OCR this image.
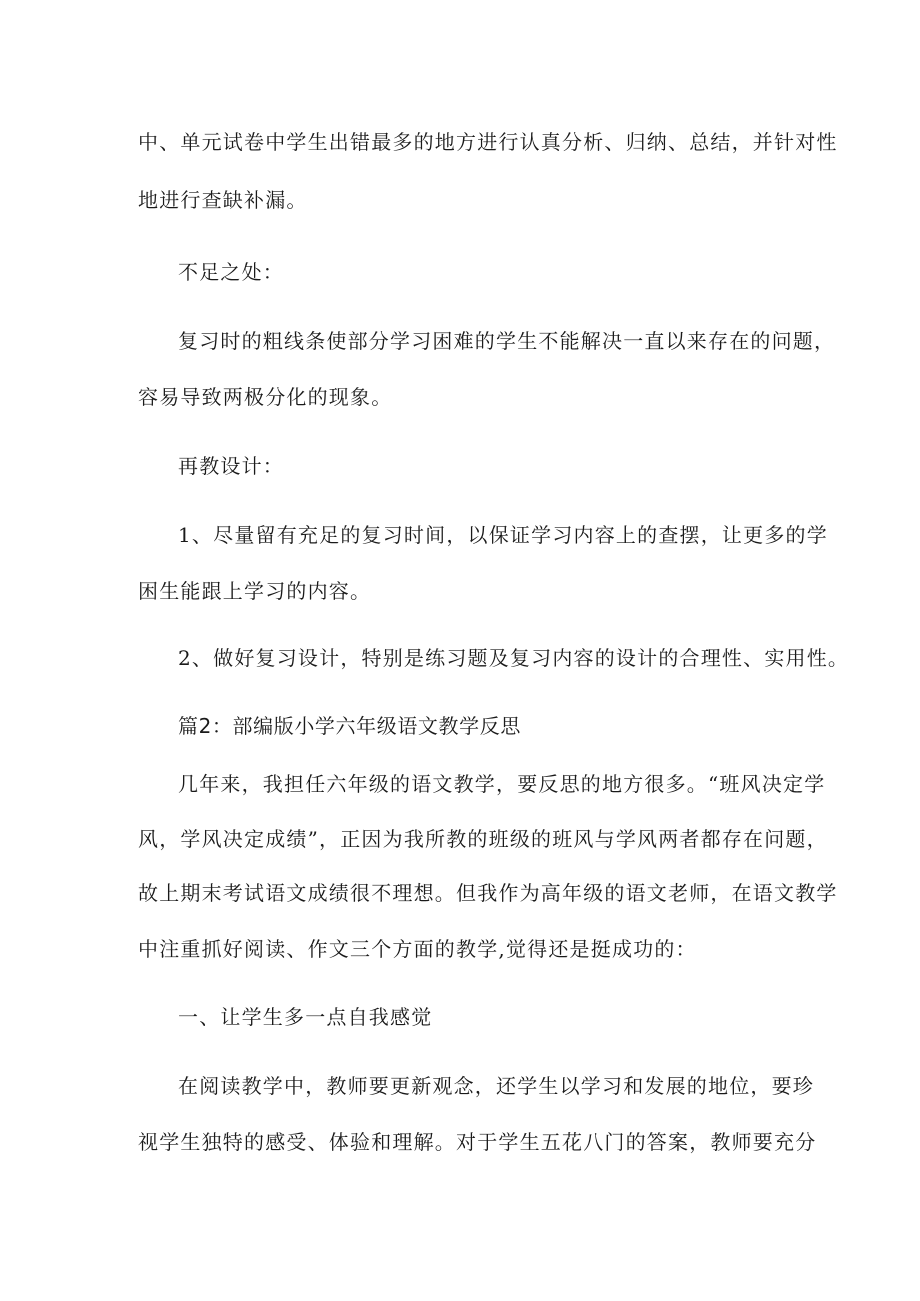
中、单元试卷中学生出错最多的地方进行认真分析、归纳、总结，并针对性
地进行查缺补漏。
不足之处：
复习时的粗线条使部分学习困难的学生不能解决一直以来存在的问题，
容易导致两极分化的现象。
再教设计：
1、尽量留有充足的复习时间，以保证学习内容上的查摆，让更多的学
困生能跟上学习的内容。
2、做好复习设计，特别是练习题及复习内容的设计的合理性、实用性。
篇2：部编版小学六年级语文教学反思
几年来，我担任六年级的语文教学，要反思的地方很多。“班风决定学
风，学风决定成绩”，正因为我所教的班级的班风与学风两者都存在问题，
故上期末考试语文成绩很不理想。但我作为高年级的语文老师，在语文教学
中注重抓好阅读、作文三个方面的教学,觉得还是挺成功的：
一、让学生多一点自我感觉
在阅读教学中，教师要更新观念，还学生以学习和发展的地位，要珍
视学生独特的感受、体验和理解。对于学生五花八门的答案，教师要充分
